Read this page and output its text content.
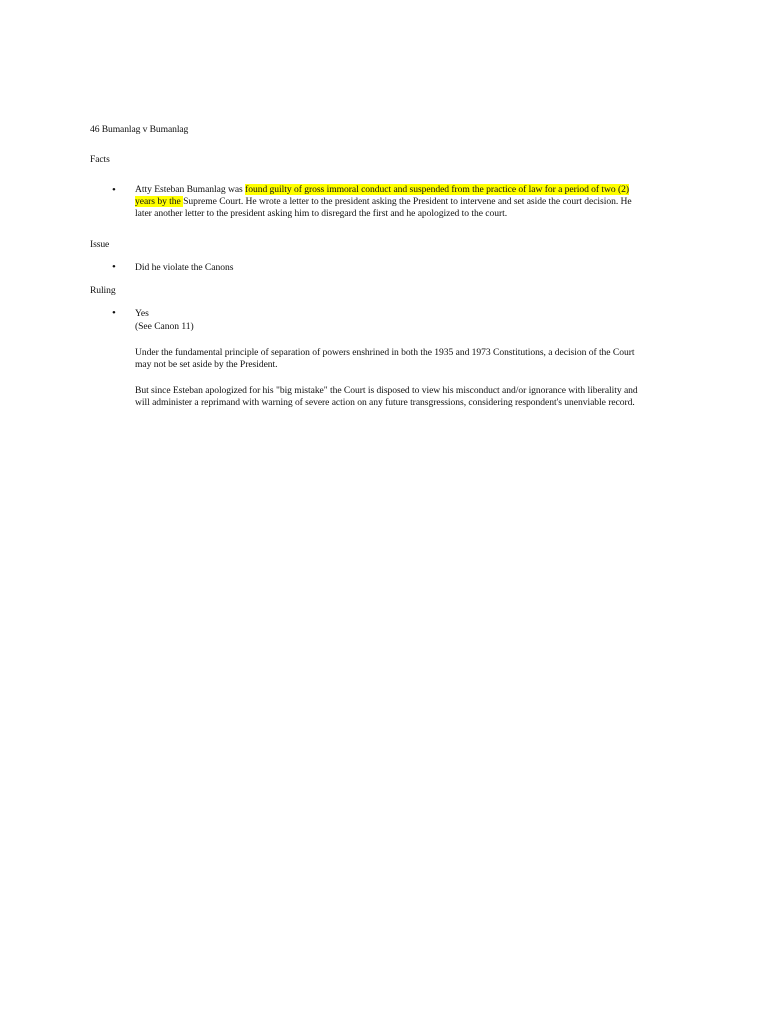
46 Bumanlag v Bumanlag
Facts
• Atty Esteban Bumanlag was found guilty of gross immoral conduct and suspended from the practice of law for a period of two (2)
years by the Supreme Court. He wrote a letter to the president asking the President to intervene and set aside the court decision. He
later another letter to the president asking him to disregard the first and he apologized to the court.
Issue
• Did he violate the Canons
Ruling
• Yes
(See Canon 11)
Under the fundamental principle of separation of powers enshrined in both the 1935 and 1973 Constitutions, a decision of the Court
may not be set aside by the President.
But since Esteban apologized for his "big mistake" the Court is disposed to view his misconduct and/or ignorance with liberality and
will administer a reprimand with warning of severe action on any future transgressions, considering respondent's unenviable record.
